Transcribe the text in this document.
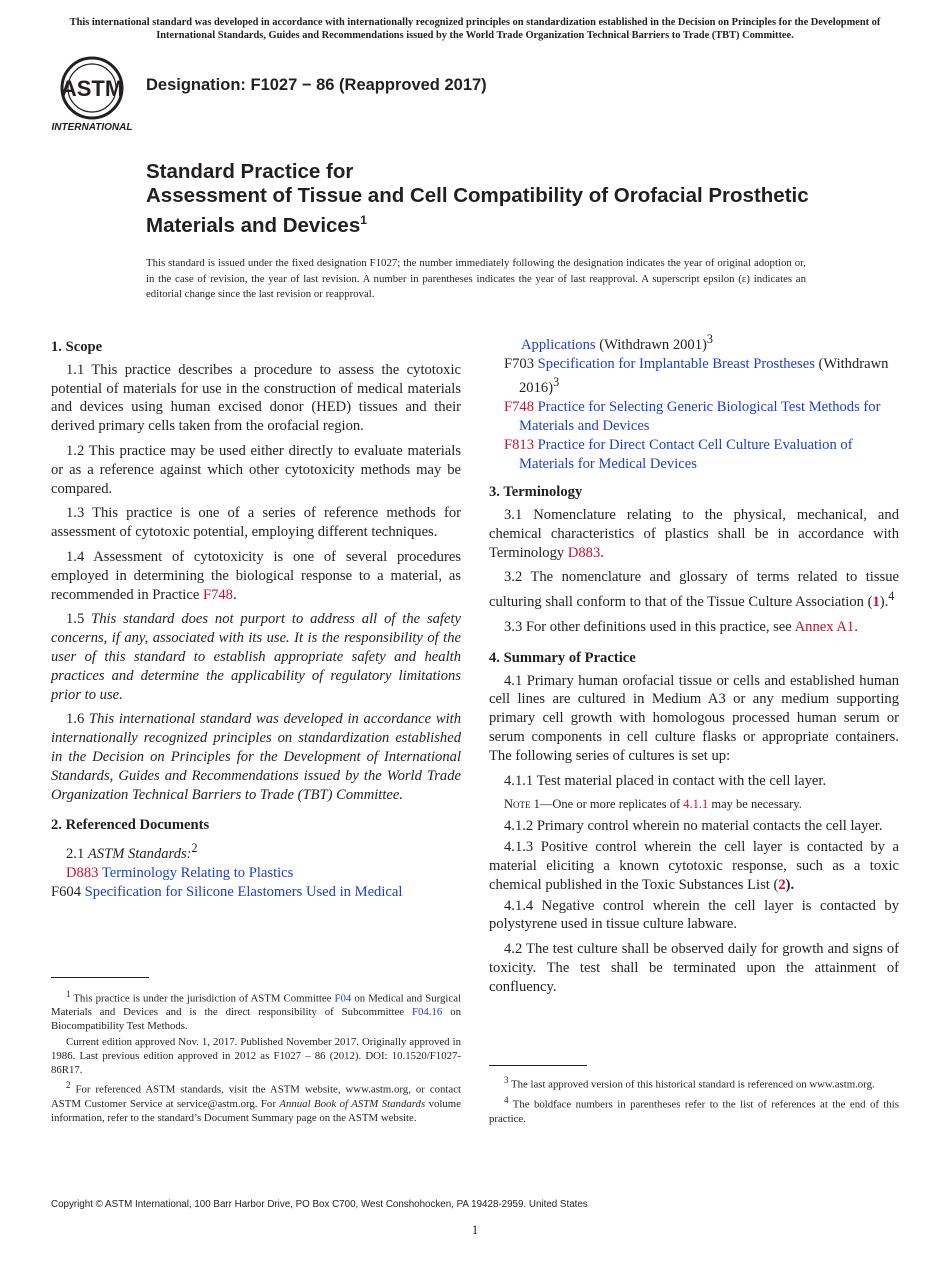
This international standard was developed in accordance with internationally recognized principles on standardization established in the Decision on Principles for the Development of International Standards, Guides and Recommendations issued by the World Trade Organization Technical Barriers to Trade (TBT) Committee.
ASTM
INTERNATIONAL
Designation: F1027 − 86 (Reapproved 2017)
Standard Practice for
Assessment of Tissue and Cell Compatibility of Orofacial Prosthetic Materials and Devices$^1$
This standard is issued under the fixed designation F1027; the number immediately following the designation indicates the year of original adoption or, in the case of revision, the year of last revision. A number in parentheses indicates the year of last reapproval. A superscript epsilon (ε) indicates an editorial change since the last revision or reapproval.
1. Scope

1.1 This practice describes a procedure to assess the cytotoxic potential of materials for use in the construction of medical materials and devices using human excised donor (HED) tissues and their derived primary cells taken from the orofacial region.

1.2 This practice may be used either directly to evaluate materials or as a reference against which other cytotoxicity methods may be compared.

1.3 This practice is one of a series of reference methods for assessment of cytotoxic potential, employing different techniques.

1.4 Assessment of cytotoxicity is one of several procedures employed in determining the biological response to a material, as recommended in Practice F748.

1.5 This standard does not purport to address all of the safety concerns, if any, associated with its use. It is the responsibility of the user of this standard to establish appropriate safety and health practices and determine the applicability of regulatory limitations prior to use.

1.6 This international standard was developed in accordance with internationally recognized principles on standardization established in the Decision on Principles for the Development of International Standards, Guides and Recommendations issued by the World Trade Organization Technical Barriers to Trade (TBT) Committee.

2. Referenced Documents

2.1 ASTM Standards:$^2$

D883 Terminology Relating to Plastics
F604 Specification for Silicone Elastomers Used in Medical
Applications (Withdrawn 2001)$^3$
F703 Specification for Implantable Breast Prostheses (Withdrawn 2016)$^3$
F748 Practice for Selecting Generic Biological Test Methods for Materials and Devices
F813 Practice for Direct Contact Cell Culture Evaluation of Materials for Medical Devices
3. Terminology

3.1 Nomenclature relating to the physical, mechanical, and chemical characteristics of plastics shall be in accordance with Terminology D883.

3.2 The nomenclature and glossary of terms related to tissue culturing shall conform to that of the Tissue Culture Association (1).$^4$

3.3 For other definitions used in this practice, see Annex A1.

4. Summary of Practice

4.1 Primary human orofacial tissue or cells and established human cell lines are cultured in Medium A3 or any medium supporting primary cell growth with homologous processed human serum or serum components in cell culture flasks or appropriate containers. The following series of cultures is set up:

4.1.1 Test material placed in contact with the cell layer.

Note 1—One or more replicates of 4.1.1 may be necessary.

4.1.2 Primary control wherein no material contacts the cell layer.

4.1.3 Positive control wherein the cell layer is contacted by a material eliciting a known cytotoxic response, such as a toxic chemical published in the Toxic Substances List (2).

4.1.4 Negative control wherein the cell layer is contacted by polystyrene used in tissue culture labware.

4.2 The test culture shall be observed daily for growth and signs of toxicity. The test shall be terminated upon the attainment of confluency.

$^1$ This practice is under the jurisdiction of ASTM Committee F04 on Medical and Surgical Materials and Devices and is the direct responsibility of Subcommittee F04.16 on Biocompatibility Test Methods.

Current edition approved Nov. 1, 2017. Published November 2017. Originally approved in 1986. Last previous edition approved in 2012 as F1027 – 86 (2012). DOI: 10.1520/F1027-86R17.

$^2$ For referenced ASTM standards, visit the ASTM website, www.astm.org, or contact ASTM Customer Service at service@astm.org. For Annual Book of ASTM Standards volume information, refer to the standard’s Document Summary page on the ASTM website.

$^3$ The last approved version of this historical standard is referenced on www.astm.org.

$^4$ The boldface numbers in parentheses refer to the list of references at the end of this practice.

Copyright © ASTM International, 100 Barr Harbor Drive, PO Box C700, West Conshohocken, PA 19428-2959. United States
1
